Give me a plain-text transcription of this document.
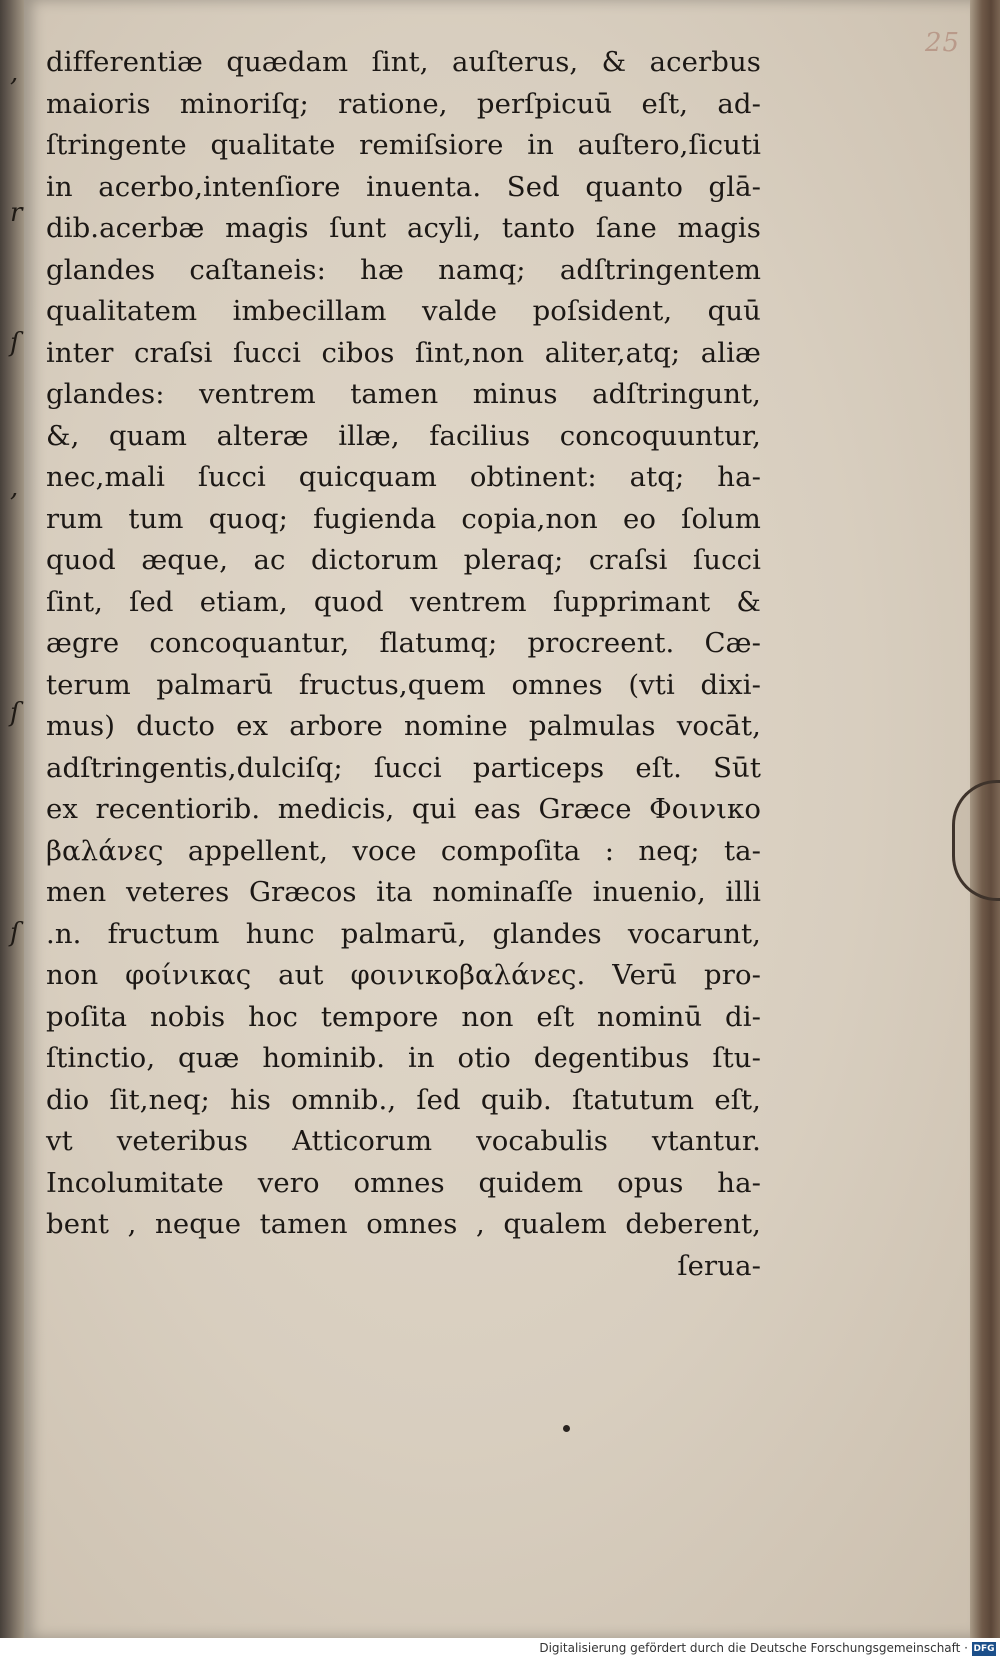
,
r
ſ
,
ſ
ſ
25
differentiæ quædam ſint, auſterus, & acerbus
maioris minoriſq; ratione, perſpicuū eſt, ad-
ſtringente qualitate remiſsiore in auſtero,ſicuti
in acerbo,intenſiore inuenta. Sed quanto glā-
dib.acerbæ magis ſunt acyli, tanto ſane magis
glandes caſtaneis: hæ namq; adſtringentem
qualitatem imbecillam valde poſsident, quū
inter craſsi ſucci cibos ſint,non aliter,atq; aliæ
glandes: ventrem tamen minus adſtringunt,
&, quam alteræ illæ, facilius concoquuntur,
nec,mali ſucci quicquam obtinent: atq; ha-
rum tum quoq; fugienda copia,non eo ſolum
quod æque, ac dictorum pleraq; craſsi ſucci
ſint, ſed etiam, quod ventrem ſupprimant &
ægre concoquantur, flatumq; procreent. Cæ-
terum palmarū fructus,quem omnes (vti dixi-
mus) ducto ex arbore nomine palmulas vocāt,
adſtringentis,dulciſq; ſucci particeps eſt. Sūt
ex recentiorib. medicis, qui eas Græce Φοινικο
βαλάνες appellent, voce compoſita : neq; ta-
men veteres Græcos ita nominaſſe inuenio, illi
.n. fructum hunc palmarū, glandes vocarunt,
non φοίνικας aut φοινικοβαλάνες. Verū pro-
poſita nobis hoc tempore non eſt nominū di-
ſtinctio, quæ hominib. in otio degentibus ſtu-
dio ſit,neq; his omnib., ſed quib. ſtatutum eſt,
vt veteribus Atticorum vocabulis vtantur.
Incolumitate vero omnes quidem opus ha-
bent , neque tamen omnes , qualem deberent,
ſerua-
Digitalisierung gefördert durch die Deutsche Forschungsgemeinschaft · DFG
